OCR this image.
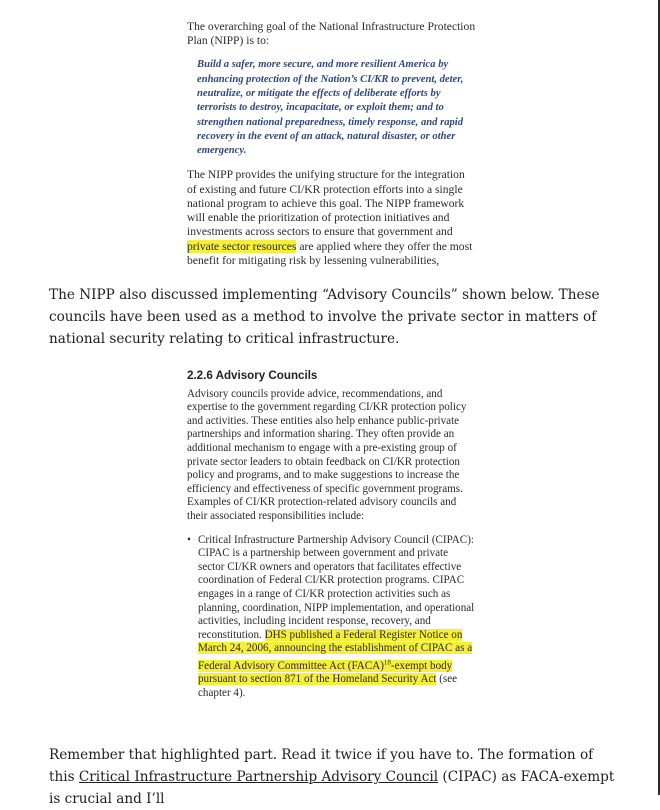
The overarching goal of the National Infrastructure Protection Plan (NIPP) is to:

Build a safer, more secure, and more resilient America by enhancing protection of the Nation’s CI/KR to prevent, deter, neutralize, or mitigate the effects of deliberate efforts by terrorists to destroy, incapacitate, or exploit them; and to strengthen national preparedness, timely response, and rapid recovery in the event of an attack, natural disaster, or other emergency.

The NIPP provides the unifying structure for the integration of existing and future CI/KR protection efforts into a single national program to achieve this goal. The NIPP framework will enable the prioritization of protection initiatives and investments across sectors to ensure that government and private sector resources are applied where they offer the most benefit for mitigating risk by lessening vulnerabilities,

The NIPP also discussed implementing “Advisory Councils” shown below. These councils have been used as a method to involve the private sector in matters of national security relating to critical infrastructure.

2.2.6 Advisory Councils

Advisory councils provide advice, recommendations, and expertise to the government regarding CI/KR protection policy and activities. These entities also help enhance public-private partnerships and information sharing. They often provide an additional mechanism to engage with a pre-existing group of private sector leaders to obtain feedback on CI/KR protection policy and programs, and to make suggestions to increase the efficiency and effectiveness of specific government programs. Examples of CI/KR protection-related advisory councils and their associated responsibilities include:

• Critical Infrastructure Partnership Advisory Council (CIPAC): CIPAC is a partnership between government and private sector CI/KR owners and operators that facilitates effective coordination of Federal CI/KR protection programs. CIPAC engages in a range of CI/KR protection activities such as planning, coordination, NIPP implementation, and operational activities, including incident response, recovery, and reconstitution. DHS published a Federal Register Notice on March 24, 2006, announcing the establishment of CIPAC as a Federal Advisory Committee Act (FACA)$^{18}$-exempt body pursuant to section 871 of the Homeland Security Act (see chapter 4).

Remember that highlighted part. Read it twice if you have to. The formation of this Critical Infrastructure Partnership Advisory Council (CIPAC) as FACA-exempt is crucial and I’ll
